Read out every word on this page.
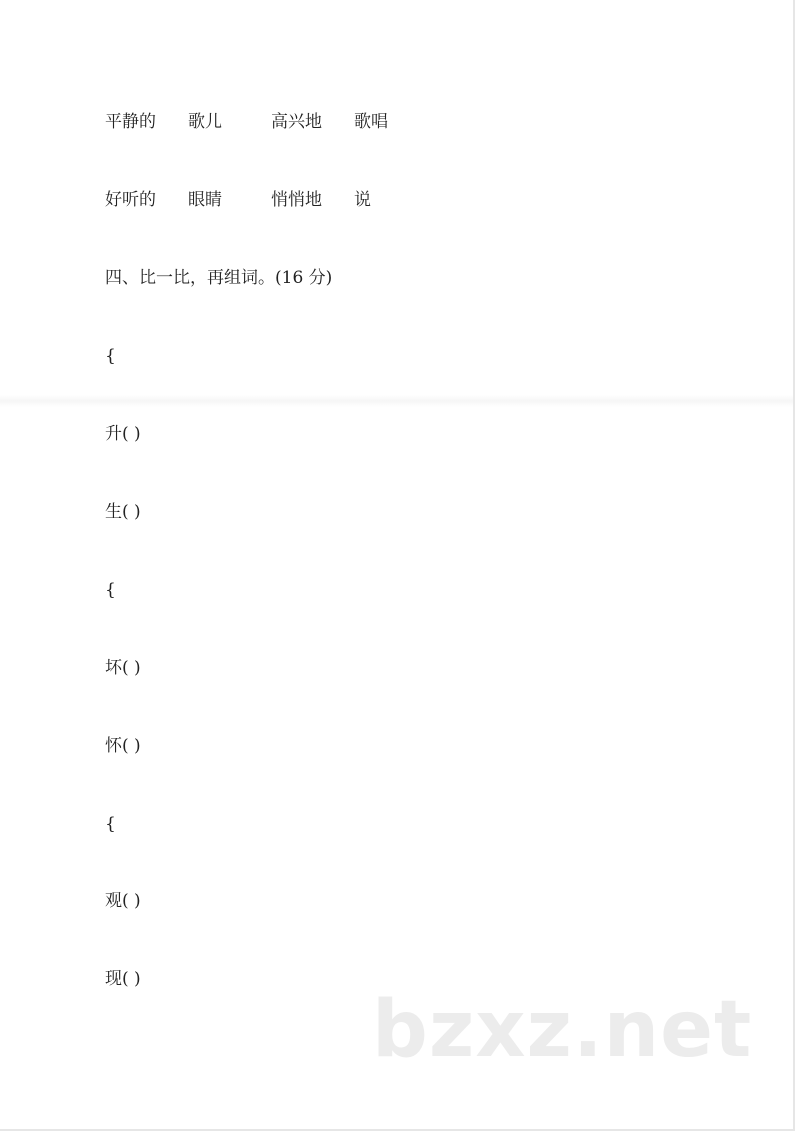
平静的 歌儿	高兴地 歌唱
好听的 眼睛	悄悄地 说
四、比一比，再组词。(16 分)
{
升( )
生( )
{
坏( )
怀( )
{
观( )
现( )
bzxz.net
